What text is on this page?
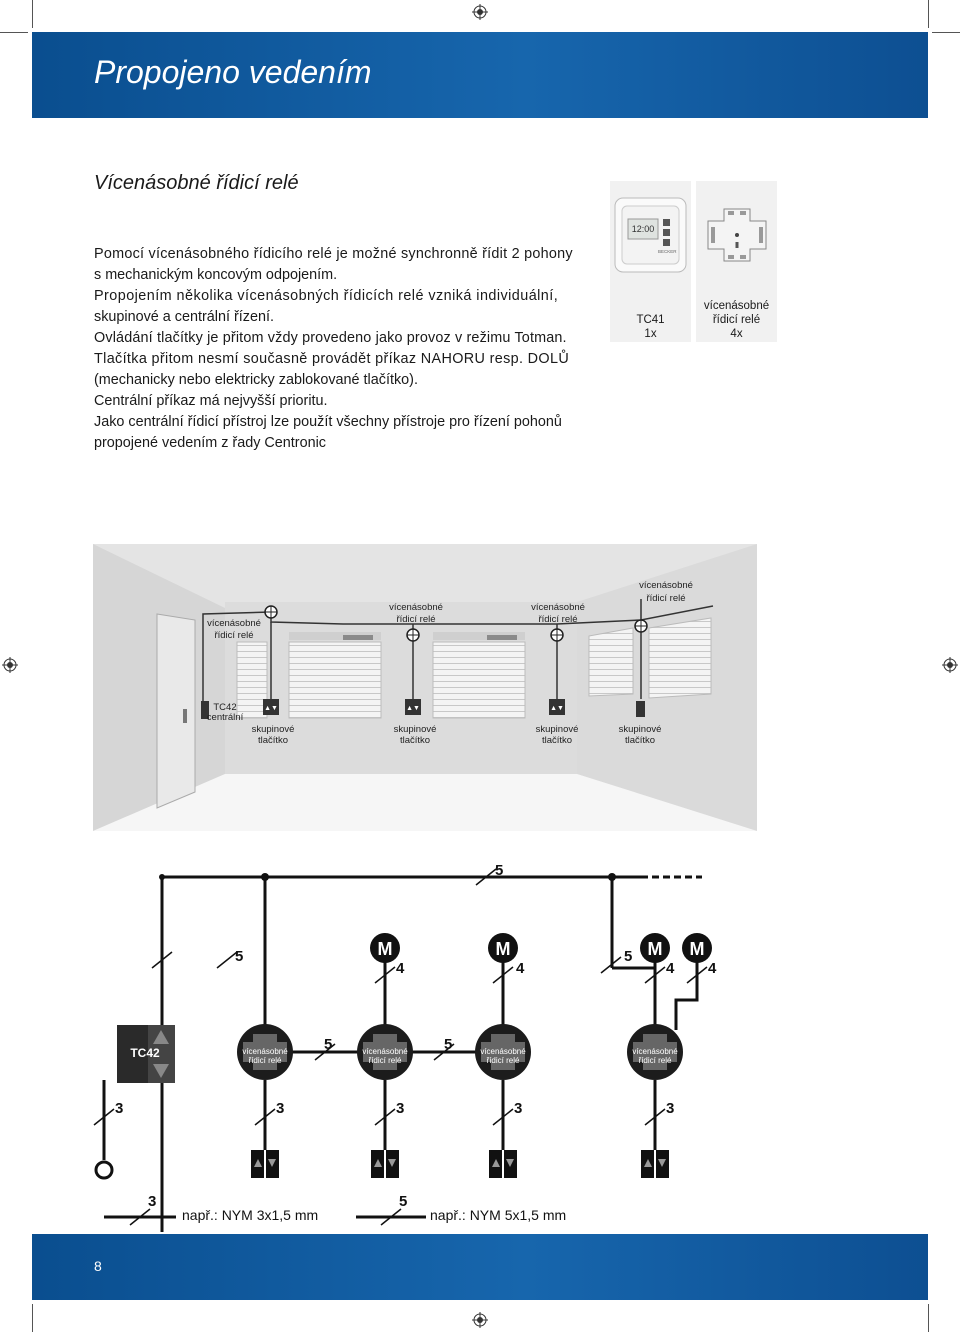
Propojeno vedením
Vícenásobné řídicí relé

Pomocí vícenásobného řídicího relé je možné synchronně řídit 2 pohony

s mechanickým koncovým odpojením.

Propojením několika vícenásobných řídicích relé vzniká individuální,

skupinové a centrální řízení.

Ovládání tlačítky je přitom vždy provedeno jako provoz v režimu Totman.

Tlačítka přitom nesmí současně provádět příkaz NAHORU resp. DOLŮ

(mechanicky nebo elektricky zablokované tlačítko).

Centrální příkaz má nejvyšší prioritu.

Jako centrální řídicí přístroj lze použít všechny přístroje pro řízení pohonů

propojené vedením z řady Centronic

12:00
BECKER
TC41
1x
vícenásobné
řídicí relé
4x
▲▼	▲▼	▲▼
vícenásobné
řídicí relé
vícenásobné
řídicí relé
vícenásobné
řídicí relé
vícenásobné
řídicí relé
TC42
centrální
skupinové
tlačítko
skupinové
tlačítko
skupinové
tlačítko
skupinové
tlačítko
TC42	vícenásobné
řídicí relé
vícenásobné
řídicí relé
vícenásobné
řídicí relé
vícenásobné
řídicí relé
M	M	M M
5
5
4	4
5
4 4
5	5
3	3	3	3	3
3
např.: NYM 3x1,5 mm
5
např.: NYM 5x1,5 mm
8
